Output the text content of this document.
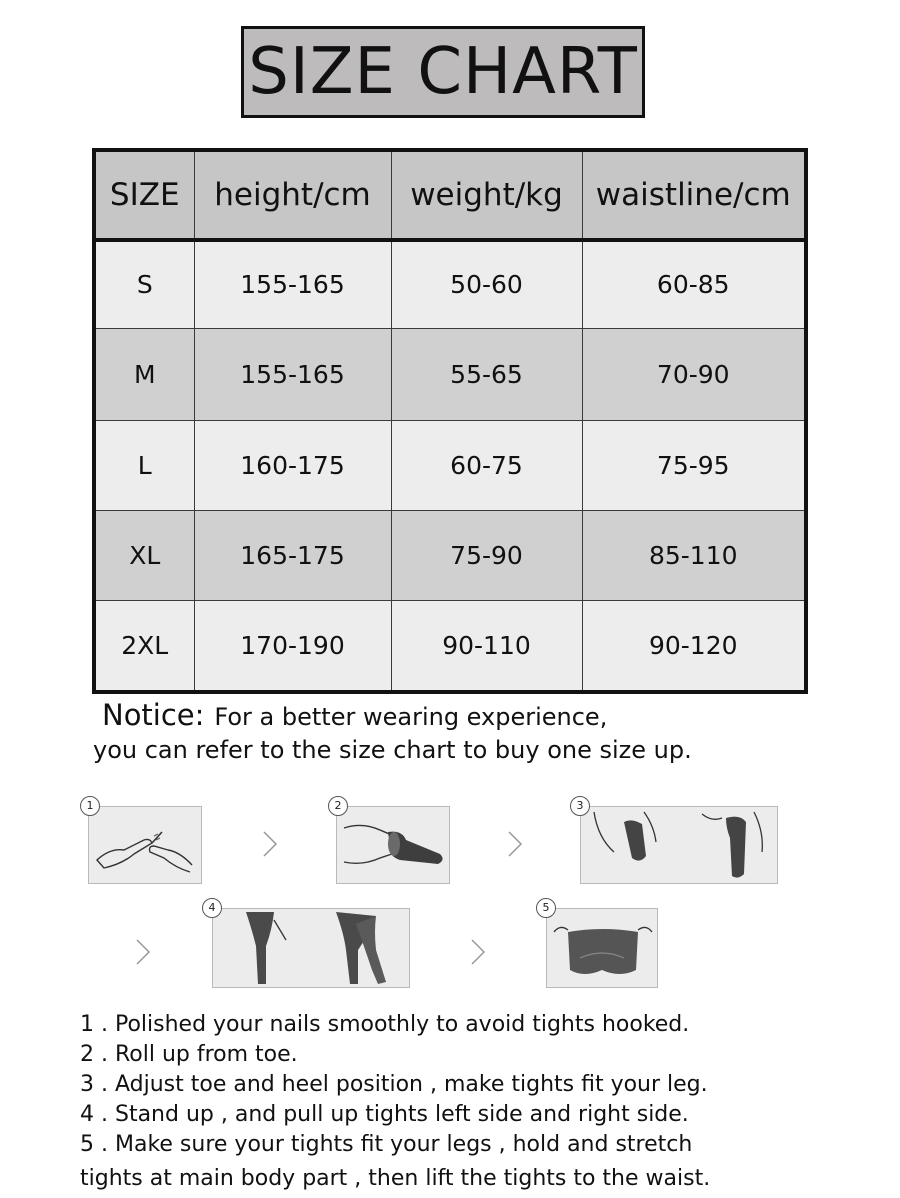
SIZE CHART
SIZE	height/cm	weight/kg	waistline/cm
S	155-165	50-60	60-85
M	155-165	55-65	70-90
L	160-175	60-75	75-95
XL	165-175	75-90	85-110
2XL	170-190	90-110	90-120
Notice: For a better wearing experience,
you can refer to the size chart to buy one size up.
1	2	3
4	5
1 . Polished your nails smoothly to avoid tights hooked.
2 . Roll up from toe.
3 . Adjust toe and heel position , make tights fit your leg.
4 . Stand up , and pull up tights left side and right side.
5 . Make sure your tights fit your legs , hold and stretch
tights at main body part , then lift the tights to the waist.
